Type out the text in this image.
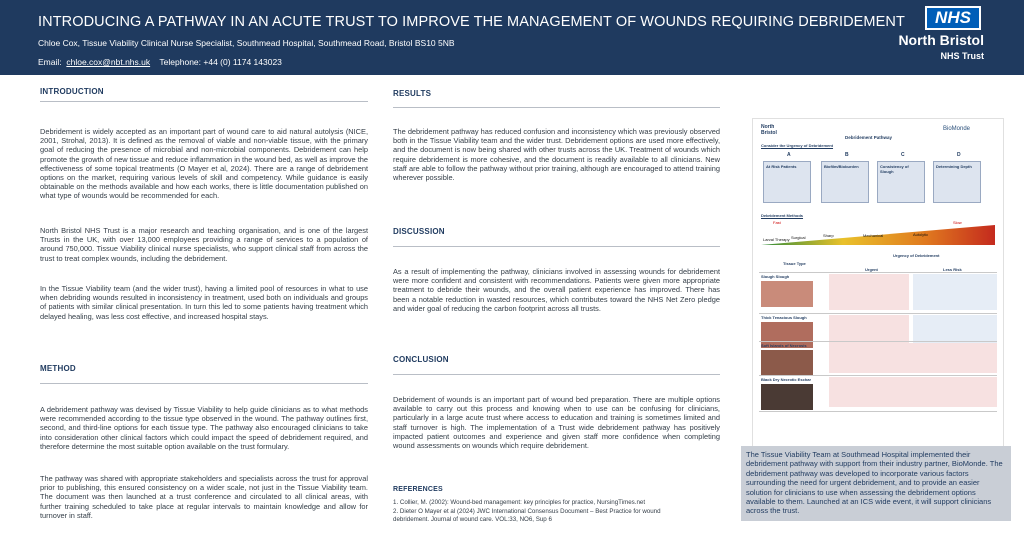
INTRODUCING A PATHWAY IN AN ACUTE TRUST TO IMPROVE THE MANAGEMENT OF WOUNDS REQUIRING DEBRIDEMENT
Chloe Cox, Tissue Viability Clinical Nurse Specialist, Southmead Hospital, Southmead Road, Bristol BS10 5NB
Email: chloe.cox@nbt.nhs.uk Telephone: +44 (0) 1174 143023
NHS
North Bristol
NHS Trust
INTRODUCTION

Debridement is widely accepted as an important part of wound care to aid natural autolysis (NICE, 2001, Strohal, 2013). It is defined as the removal of viable and non-viable tissue, with the primary goal of reducing the presence of microbial and non-microbial components. Debridement can help promote the growth of new tissue and reduce inflammation in the wound bed, as well as improve the effectiveness of some topical treatments (O Mayer et al, 2024). There are a range of debridement options on the market, requiring various levels of skill and competency. While guidance is easily obtainable on the methods available and how each works, there is little documentation published on what type of wounds would be recommended for each.

North Bristol NHS Trust is a major research and teaching organisation, and is one of the largest Trusts in the UK, with over 13,000 employees providing a range of services to a population of around 750,000. Tissue Viability clinical nurse specialists, who support clinical staff from across the trust to treat complex wounds, including the debridement.

In the Tissue Viability team (and the wider trust), having a limited pool of resources in what to use when debriding wounds resulted in inconsistency in treatment, used both on individuals and groups of patients with similar clinical presentation. In turn this led to some patients having treatment which delayed healing, was less cost effective, and increased hospital stays.

METHOD

A debridement pathway was devised by Tissue Viability to help guide clinicians as to what methods were recommended according to the tissue type observed in the wound. The pathway outlines first, second, and third-line options for each tissue type. The pathway also encouraged clinicians to take into consideration other clinical factors which could impact the speed of debridement required, and therefore determine the most suitable option available on the trust formulary.

The pathway was shared with appropriate stakeholders and specialists across the trust for approval prior to publishing, this ensured consistency on a wider scale, not just in the Tissue Viability team. The document was then launched at a trust conference and circulated to all clinical areas, with further training scheduled to take place at regular intervals to maintain knowledge and allow for turnover in staff.

RESULTS

The debridement pathway has reduced confusion and inconsistency which was previously observed both in the Tissue Viability team and the wider trust. Debridement options are used more effectively, and the document is now being shared with other trusts across the UK. Treatment of wounds which require debridement is more cohesive, and the document is readily available to all clinicians. New staff are able to follow the pathway without prior training, although are encouraged to attend training wherever possible.

DISCUSSION

As a result of implementing the pathway, clinicians involved in assessing wounds for debridement were more confident and consistent with recommendations. Patients were given more appropriate treatment to debride their wounds, and the overall patient experience has improved. There has been a notable reduction in wasted resources, which contributes toward the NHS Net Zero pledge and wider goal of reducing the carbon footprint across all trusts.

CONCLUSION

Debridement of wounds is an important part of wound bed preparation. There are multiple options available to carry out this process and knowing when to use can be confusing for clinicians, particularly in a large acute trust where access to education and training is sometimes limited and staff turnover is high. The implementation of a Trust wide debridement pathway has positively impacted patient outcomes and experience and given staff more confidence when completing wound assessments on wounds which require debridement.

REFERENCES

1. Collier, M. (2002): Wound-bed management: key principles for practice, NursingTimes.net

2. Dieter O Mayer et al (2024) JWC International Consensus Document – Best Practice for wound debridement. Journal of wound care. VOL:33, NO6, Sup 6

North
Bristol
BioMonde
Debridement Pathway
Consider the Urgency of Debridement
A	B	C	D
At Risk Patients	Biofilm/Bioburden	Consistency of Slough
Determining Depth
Debridement Methods
Fast	Slow
Larval Therapy Surgical	Sharp	Mechanical	Autolytic
Tissue Type
Urgency of Debridement
Urgent	Less Risk
Slough Slough
Thick Tenacious Slough
Soft Islands of Necrosis
Black Dry Necrotic Eschar

The Tissue Viability Team at Southmead Hospital implemented their debridement pathway with support from their industry partner, BioMonde. The debridement pathway was developed to incorporate various factors surrounding the need for urgent debridement, and to provide an easier solution for clinicians to use when assessing the debridement options available to them. Launched at an ICS wide event, it will support clinicians across the trust.
